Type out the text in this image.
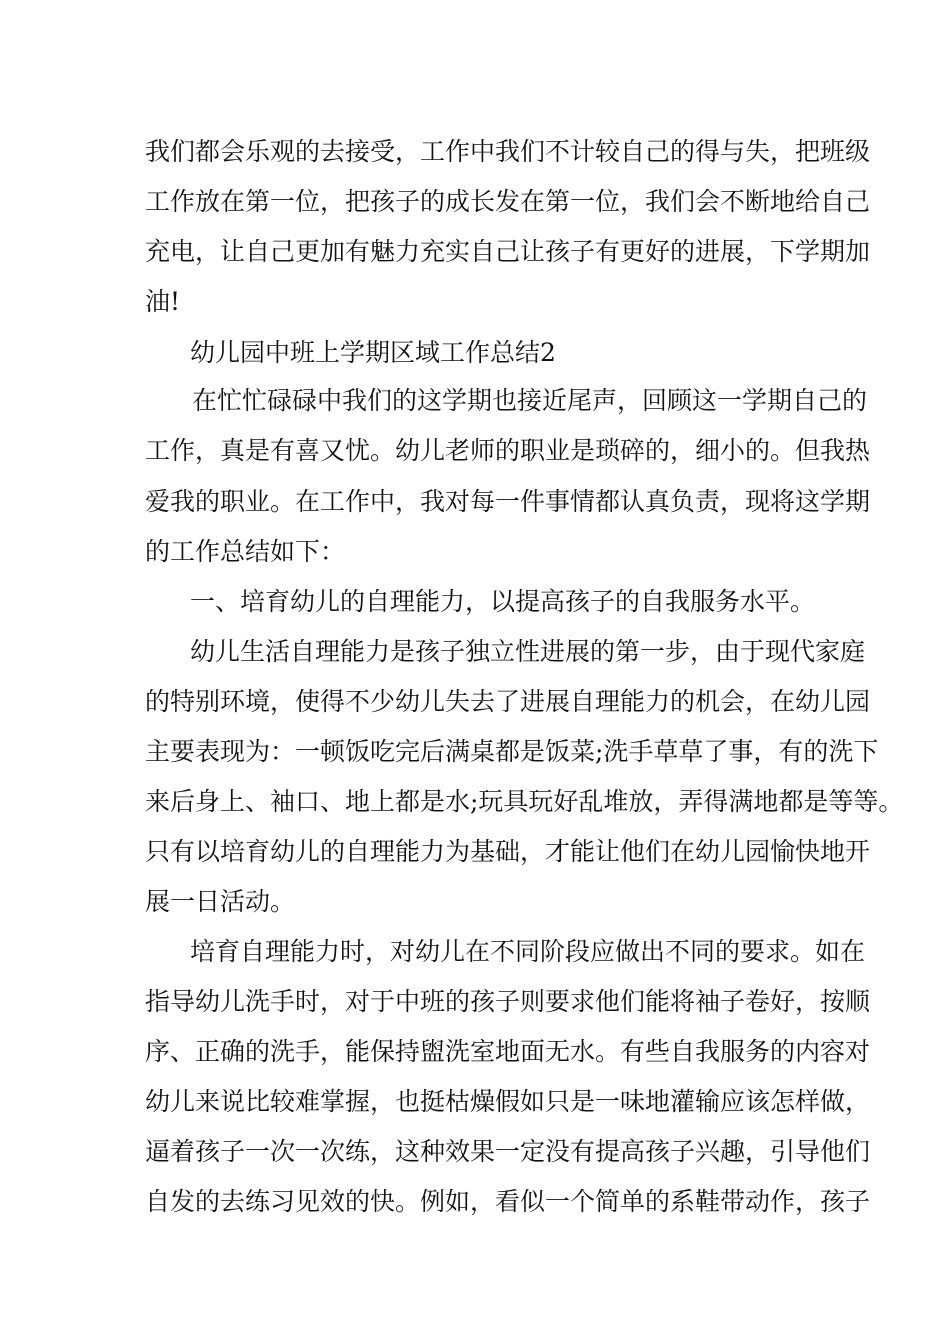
我们都会乐观的去接受，工作中我们不计较自己的得与失，把班级

工作放在第一位，把孩子的成长发在第一位，我们会不断地给自己

充电，让自己更加有魅力充实自己让孩子有更好的进展，下学期加

油!

幼儿园中班上学期区域工作总结2

在忙忙碌碌中我们的这学期也接近尾声，回顾这一学期自己的

工作，真是有喜又忧。幼儿老师的职业是琐碎的，细小的。但我热

爱我的职业。在工作中，我对每一件事情都认真负责，现将这学期

的工作总结如下：

一、培育幼儿的自理能力，以提高孩子的自我服务水平。

幼儿生活自理能力是孩子独立性进展的第一步，由于现代家庭

的特别环境，使得不少幼儿失去了进展自理能力的机会，在幼儿园

主要表现为：一顿饭吃完后满桌都是饭菜;洗手草草了事，有的洗下

来后身上、袖口、地上都是水;玩具玩好乱堆放，弄得满地都是等等。

只有以培育幼儿的自理能力为基础，才能让他们在幼儿园愉快地开

展一日活动。

培育自理能力时，对幼儿在不同阶段应做出不同的要求。如在

指导幼儿洗手时，对于中班的孩子则要求他们能将袖子卷好，按顺

序、正确的洗手，能保持盥洗室地面无水。有些自我服务的内容对

幼儿来说比较难掌握，也挺枯燥假如只是一味地灌输应该怎样做，

逼着孩子一次一次练，这种效果一定没有提高孩子兴趣，引导他们

自发的去练习见效的快。例如，看似一个简单的系鞋带动作，孩子
